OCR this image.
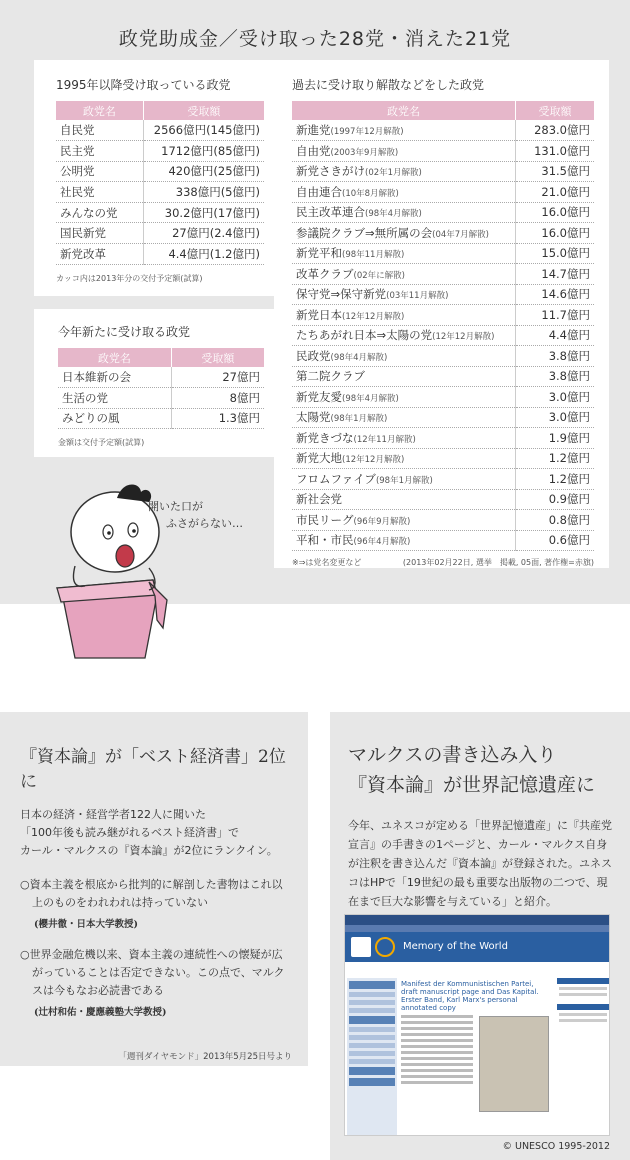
政党助成金／受け取った28党・消えた21党
1995年以降受け取っている政党
政党名	受取額
自民党	2566億円(145億円)
民主党	1712億円(85億円)
公明党	420億円(25億円)
社民党	338億円(5億円)
みんなの党	30.2億円(17億円)
国民新党	27億円(2.4億円)
新党改革	4.4億円(1.2億円)
カッコ内は2013年分の交付予定額(試算)
今年新たに受け取る政党
政党名	受取額
日本維新の会	27億円
生活の党	8億円
みどりの風	1.3億円
金額は交付予定額(試算)
過去に受け取り解散などをした政党
政党名	受取額
新進党(1997年12月解散)	283.0億円
自由党(2003年9月解散)	131.0億円
新党さきがけ(02年1月解散)	31.5億円
自由連合(10年8月解散)	21.0億円
民主改革連合(98年4月解散)	16.0億円
参議院クラブ⇒無所属の会(04年7月解散)	16.0億円
新党平和(98年11月解散)	15.0億円
改革クラブ(02年に解散)	14.7億円
保守党⇒保守新党(03年11月解散)	14.6億円
新党日本(12年12月解散)	11.7億円
たちあがれ日本⇒太陽の党(12年12月解散)	4.4億円
民政党(98年4月解散)	3.8億円
第二院クラブ	3.8億円
新党友愛(98年4月解散)	3.0億円
太陽党(98年1月解散)	3.0億円
新党きづな(12年11月解散)	1.9億円
新党大地(12年12月解散)	1.2億円
フロムファイブ(98年1月解散)	1.2億円
新社会党	0.9億円
市民リーグ(96年9月解散)	0.8億円
平和・市民(96年4月解散)	0.6億円
※⇒は党名変更など	(2013年02月22日, 選挙　掲載, 05面, 著作権=赤旗)
開いた口が
ふさがらない…
『資本論』が「ベスト経済書」2位に
日本の経済・経営学者122人に聞いた
「100年後も読み継がれるベスト経済書」で
カール・マルクスの『資本論』が2位にランクイン。
○資本主義を根底から批判的に解剖した書物はこれ以上のものをわれわれは持っていない
(櫻井徹・日本大学教授)
○世界金融危機以来、資本主義の連続性への懐疑が広がっていることは否定できない。この点で、マルクスは今もなお必読書である
(辻村和佑・慶應義塾大学教授)
「週刊ダイヤモンド」2013年5月25日号より
マルクスの書き込み入り
『資本論』が世界記憶遺産に
今年、ユネスコが定める「世界記憶遺産」に『共産党宣言』の手書きの1ページと、カール・マルクス自身が注釈を書き込んだ『資本論』が登録された。ユネスコはHPで「19世紀の最も重要な出版物の二つで、現在まで巨大な影響を与えている」と紹介。
Memory of the World
Manifest der Kommunistischen Partei, draft manuscript page and Das Kapital. Erster Band, Karl Marx's personal annotated copy
© UNESCO 1995-2012
